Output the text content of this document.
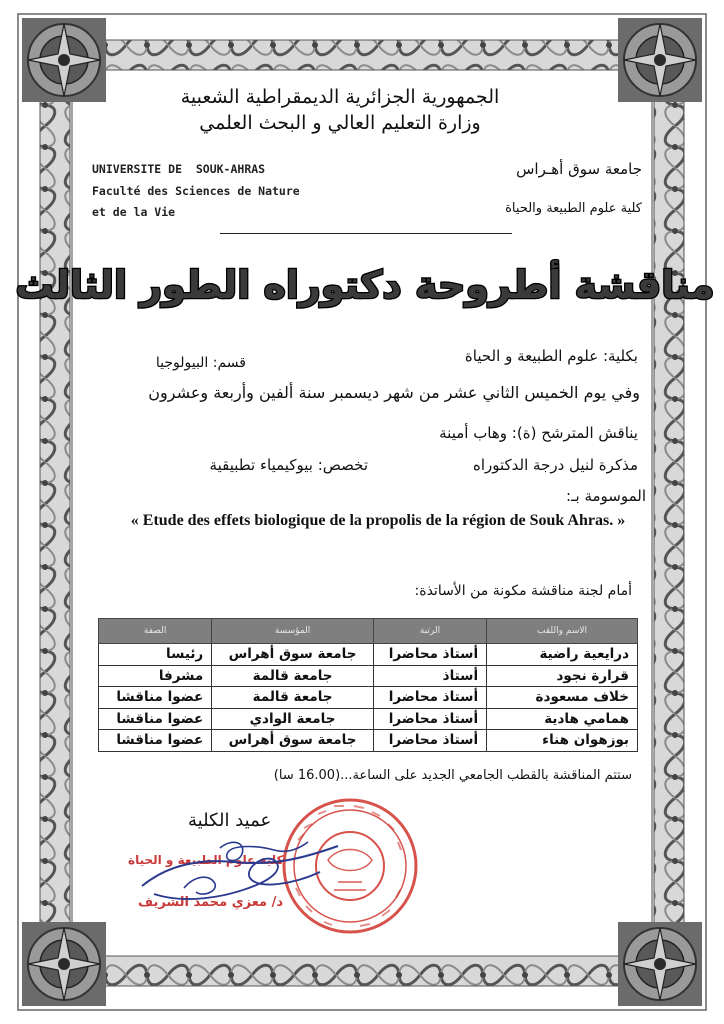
الجمهورية الجزائرية الديمقراطية الشعبية
وزارة التعليم العالي و البحث العلمي
UNIVERSITE DE  SOUK-AHRAS
Faculté des Sciences de Nature
et de la Vie
جامعة سوق أهـراس
كلية علوم الطبيعة والحياة
مناقشة أطروحة دكتوراه الطور الثالث
بكلية: علوم الطبيعة و الحياة
قسم: البيولوجيا
وفي يوم الخميس الثاني عشر من شهر ديسمبر سنة ألفين وأربعة وعشرون
يناقش المترشح (ة): وهاب أمينة
مذكرة لنيل درجة الدكتوراه
تخصص: بيوكيمياء تطبيقية
الموسومة بـ:
« Etude des effets biologique de la propolis de la région de Souk Ahras. »
أمام لجنة مناقشة مكونة من الأساتذة:
الاسم واللقب	الرتبة	المؤسسة	الصفة
درايعية راضية	أستاذ محاضرا	جامعة سوق أهراس	رئيسا
قرارة نجود	أستاذ	جامعة قالمة	مشرفا
خلاف مسعودة	أستاذ محاضرا	جامعة قالمة	عضوا مناقشا
همامي هادية	أستاذ محاضرا	جامعة الوادي	عضوا مناقشا
بوزهوان هناء	أستاذ محاضرا	جامعة سوق أهراس	عضوا مناقشا
ستتم المناقشة بالقطب الجامعي الجديد على الساعة...(16.00 سا)
عميد الكلية
كلية علوم الطبيعة و الحياة
د/ معزي محمد الشريف
